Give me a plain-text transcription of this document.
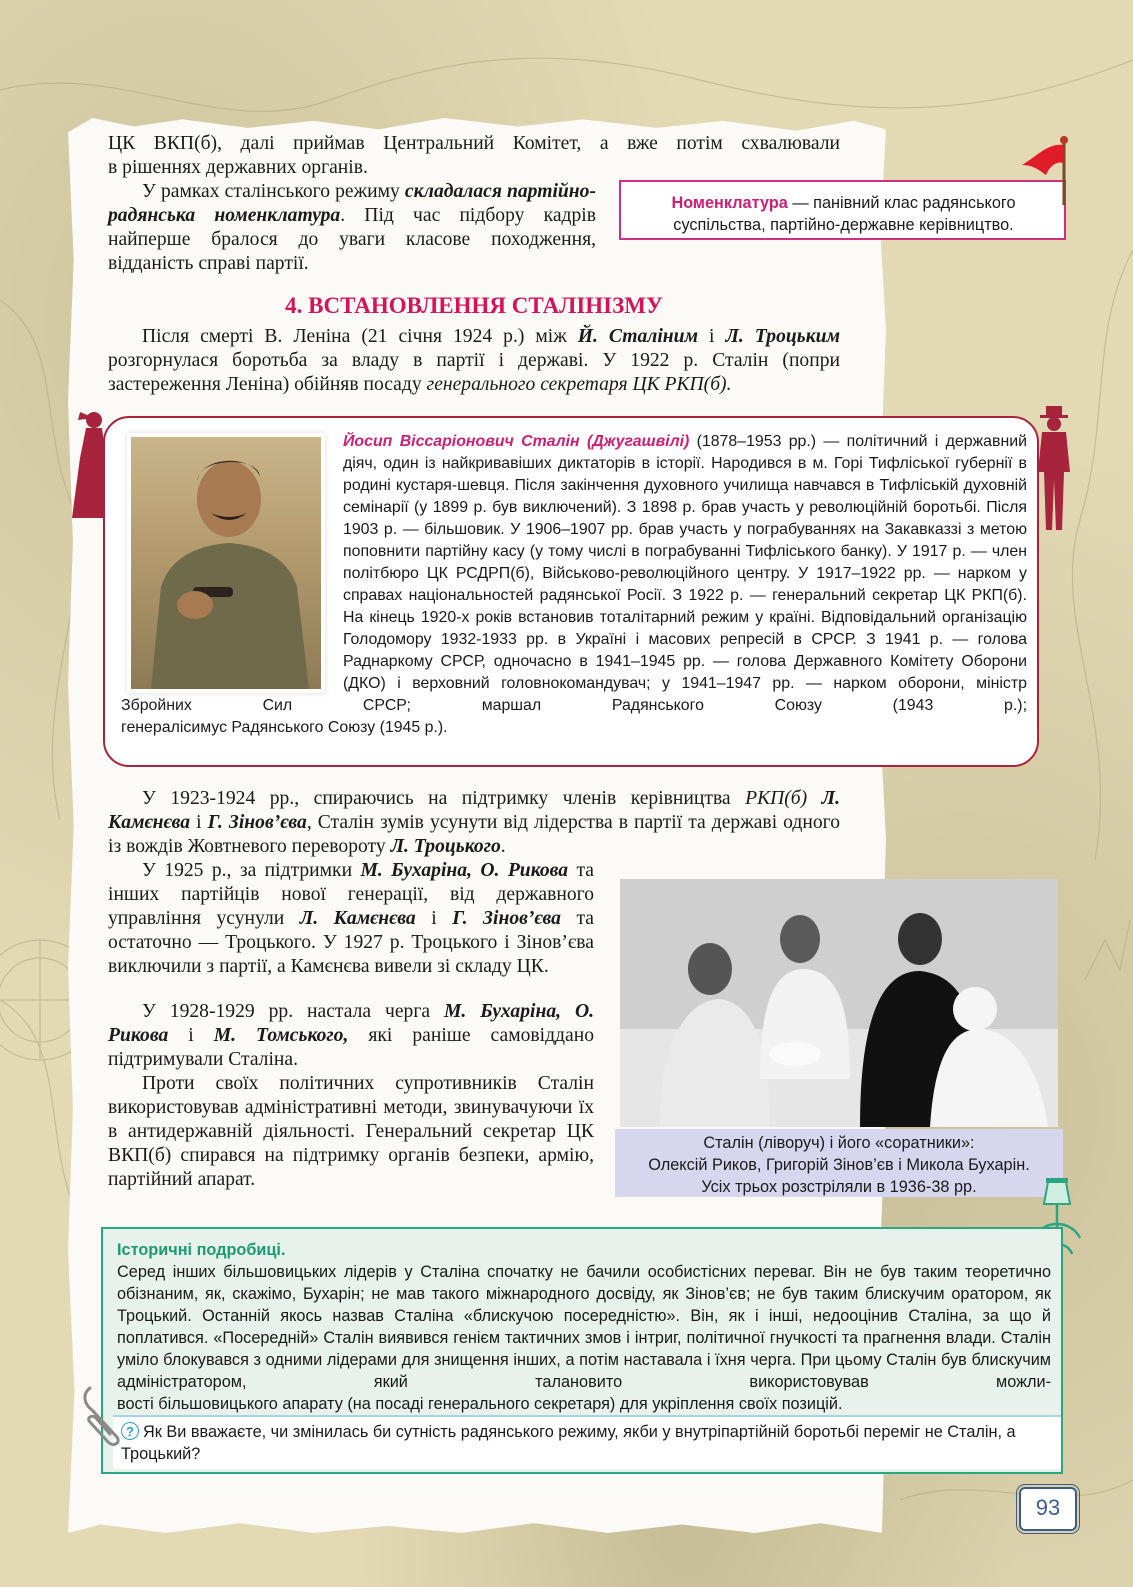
ЦК ВКП(б), далі приймав Центральний Комітет, а вже потім схвалювали
в рішеннях державних органів.
У рамках сталінського режиму складалася партійно-радянська номенклатура. Під час підбору кадрів найперше бралося до уваги класове походження, відданість справі партії.
Номенклатура — панівний клас радянського суспільства, партійно-державне керівництво.
4. ВСТАНОВЛЕННЯ СТАЛІНІЗМУ
Після смерті В. Леніна (21 січня 1924 р.) між Й. Сталіним і Л. Троцьким розгорнулася боротьба за владу в партії і державі. У 1922 р. Сталін (попри застереження Леніна) обійняв посаду генерального секретаря ЦК РКП(б).
Йосип Віссаріонович Сталін (Джугашвілі) (1878–1953 рр.) — політичний і державний діяч, один із найкривавіших диктаторів в історії. Народився в м. Горі Тифліської губернії в родині кустаря-шевця. Після закінчення духовного училища навчався в Тифліській духовній семінарії (у 1899 р. був виключений). З 1898 р. брав участь у революційній боротьбі. Після 1903 р. — більшовик. У 1906–1907 рр. брав участь у пограбуваннях на Закавказзі з метою поповнити партійну касу (у тому числі в пограбуванні Тифліського банку). У 1917 р. — член політбюро ЦК РСДРП(б), Військово-революційного центру. У 1917–1922 рр. — нарком у справах національностей радянської Росії. З 1922 р. — генеральний секретар ЦК РКП(б). На кінець 1920-х років встановив тоталітарний режим у країні. Відповідальний організацію Голодомору 1932-1933 рр. в Україні і масових репресій в СРСР. З 1941 р. — голова Раднаркому СРСР, одночасно в 1941–1945 рр. — голова Державного Комітету Оборони (ДКО) і верховний головнокомандувач; у 1941–1947 рр. — нарком оборони, міністр Збройних Сил СРСР; маршал Радянського Союзу (1943 р.);
генералісимус Радянського Союзу (1945 р.).
У 1923-1924 рр., спираючись на підтримку членів керівництва РКП(б) Л. Камєнєва і Г. Зінов’єва, Сталін зумів усунути від лідерства в партії та державі одного із вождів Жовтневого перевороту Л. Троцького.
У 1925 р., за підтримки М. Бухаріна, О. Рикова та інших партійців нової генерації, від державного управління усунули Л. Камєнєва і Г. Зінов’єва та остаточно — Троцького. У 1927 р. Троцького і Зінов’єва виключили з партії, а Камєнєва вивели зі складу ЦК.
У 1928-1929 рр. настала черга М. Бухаріна, О. Рикова і М. Томського, які раніше самовіддано підтримували Сталіна.
Проти своїх політичних супротивників Сталін використовував адміністративні методи, звинувачуючи їх в антидержавній діяльності. Генеральний секретар ЦК ВКП(б) спирався на підтримку органів безпеки, армію, партійний апарат.
Сталін (ліворуч) і його «соратники»:
Олексій Риков, Григорій Зінов’єв і Микола Бухарін.
Усіх трьох розстріляли в 1936-38 рр.
Історичні подробиці.
Серед інших більшовицьких лідерів у Сталіна спочатку не бачили особистісних переваг. Він не був таким теоретично обізнаним, як, скажімо, Бухарін; не мав такого міжнародного досвіду, як Зінов’єв; не був таким блискучим оратором, як Троцький. Останній якось назвав Сталіна «блискучою посередністю». Він, як і інші, недооцінив Сталіна, за що й поплатився. «Посередній» Сталін виявився генієм тактичних змов і інтриг, політичної гнучкості та прагнення влади. Сталін уміло блокувався з одними лідерами для знищення інших, а потім наставала і їхня черга. При цьому Сталін був блискучим адміністратором, який талановито використовував можли-
вості більшовицького апарату (на посаді генерального секретаря) для укріплення своїх позицій.
? Як Ви вважаєте, чи змінилась би сутність радянського режиму, якби у внутріпартійній боротьбі переміг не Сталін, а Троцький?
93
